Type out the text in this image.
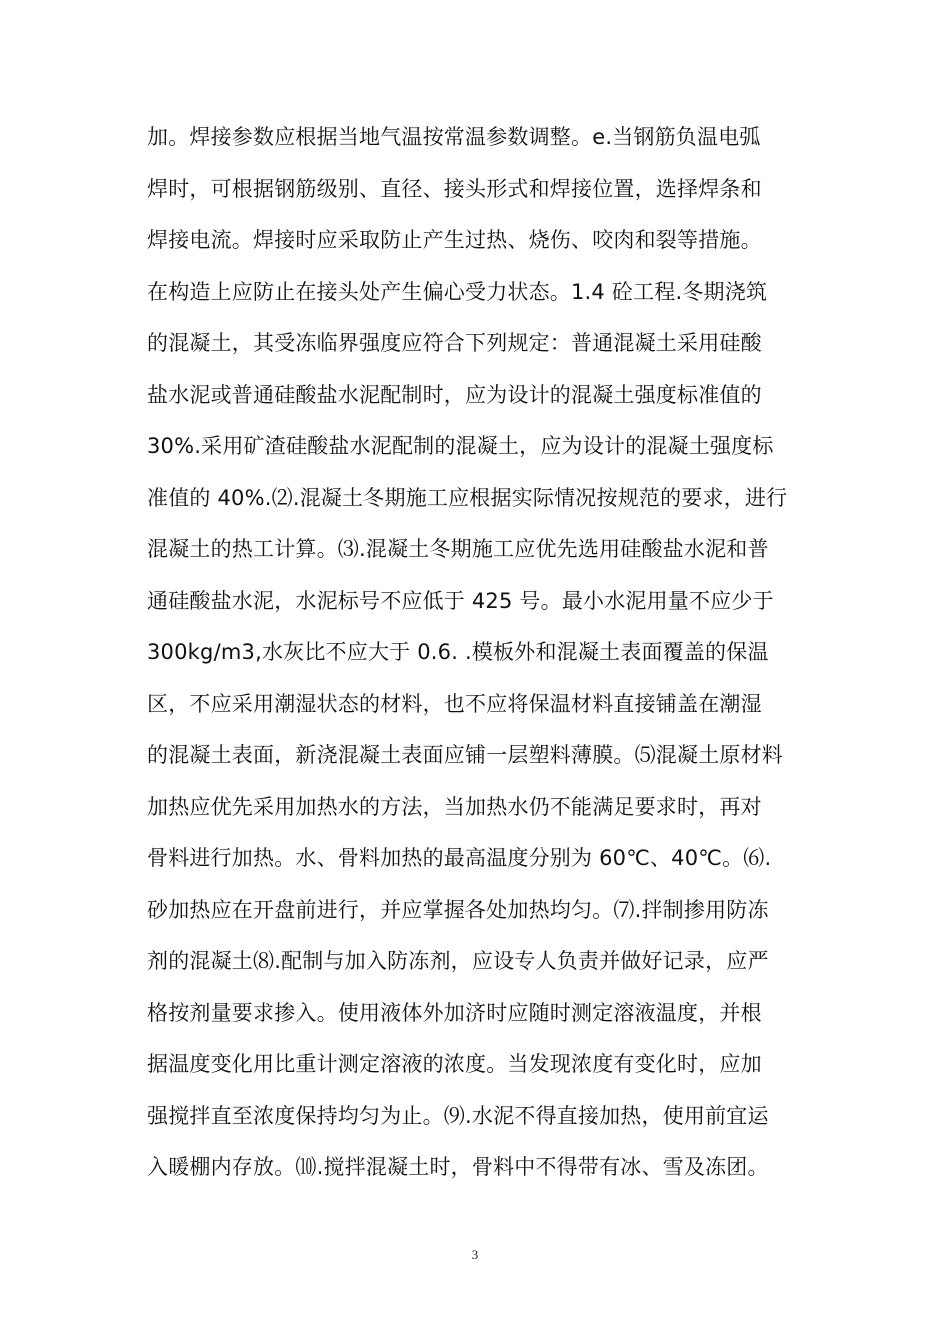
加。焊接参数应根据当地气温按常温参数调整。e.当钢筋负温电弧
焊时，可根据钢筋级别、直径、接头形式和焊接位置，选择焊条和
焊接电流。焊接时应采取防止产生过热、烧伤、咬肉和裂等措施。
在构造上应防止在接头处产生偏心受力状态。1.4 砼工程.冬期浇筑
的混凝土，其受冻临界强度应符合下列规定：普通混凝土采用硅酸
盐水泥或普通硅酸盐水泥配制时，应为设计的混凝土强度标准值的
30%.采用矿渣硅酸盐水泥配制的混凝土，应为设计的混凝土强度标
准值的 40%.⑵.混凝土冬期施工应根据实际情况按规范的要求，进行
混凝土的热工计算。⑶.混凝土冬期施工应优先选用硅酸盐水泥和普
通硅酸盐水泥，水泥标号不应低于 425 号。最小水泥用量不应少于
300kg/m3,水灰比不应大于 0.6. .模板外和混凝土表面覆盖的保温
区，不应采用潮湿状态的材料，也不应将保温材料直接铺盖在潮湿
的混凝土表面，新浇混凝土表面应铺一层塑料薄膜。⑸混凝土原材料
加热应优先采用加热水的方法，当加热水仍不能满足要求时，再对
骨料进行加热。水、骨料加热的最高温度分别为 60℃、40℃。⑹.
砂加热应在开盘前进行，并应掌握各处加热均匀。⑺.拌制掺用防冻
剂的混凝土⑻.配制与加入防冻剂，应设专人负责并做好记录，应严
格按剂量要求掺入。使用液体外加济时应随时测定溶液温度，并根
据温度变化用比重计测定溶液的浓度。当发现浓度有变化时，应加
强搅拌直至浓度保持均匀为止。⑼.水泥不得直接加热，使用前宜运
入暖棚内存放。⑽.搅拌混凝土时，骨料中不得带有冰、雪及冻团。
3
